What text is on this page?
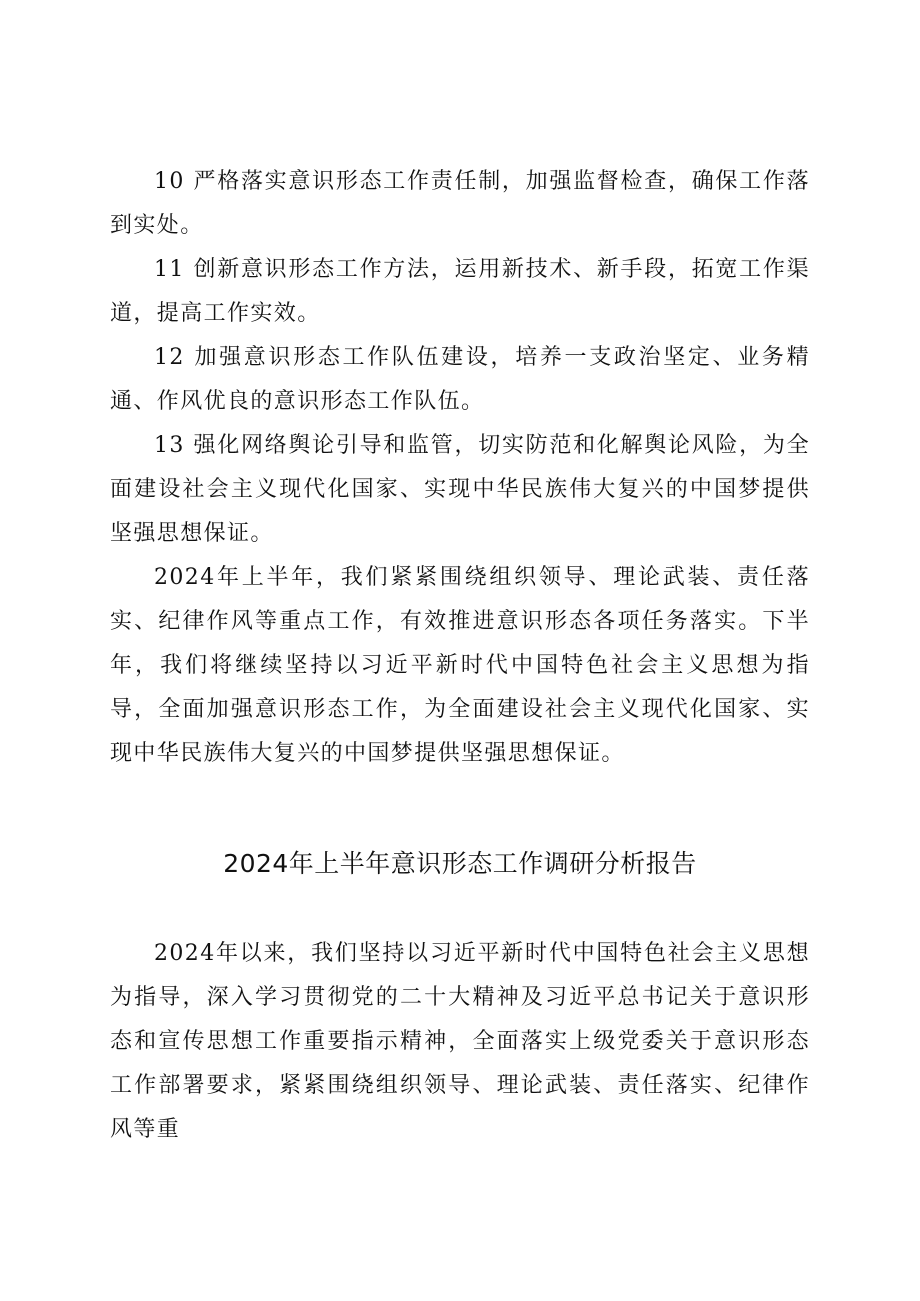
10 严格落实意识形态工作责任制，加强监督检查，确保工作落到实处。

11 创新意识形态工作方法，运用新技术、新手段，拓宽工作渠道，提高工作实效。

12 加强意识形态工作队伍建设，培养一支政治坚定、业务精通、作风优良的意识形态工作队伍。

13 强化网络舆论引导和监管，切实防范和化解舆论风险，为全面建设社会主义现代化国家、实现中华民族伟大复兴的中国梦提供坚强思想保证。

2024年上半年，我们紧紧围绕组织领导、理论武装、责任落实、纪律作风等重点工作，有效推进意识形态各项任务落实。下半年，我们将继续坚持以习近平新时代中国特色社会主义思想为指导，全面加强意识形态工作，为全面建设社会主义现代化国家、实现中华民族伟大复兴的中国梦提供坚强思想保证。

2024年上半年意识形态工作调研分析报告

2024年以来，我们坚持以习近平新时代中国特色社会主义思想为指导，深入学习贯彻党的二十大精神及习近平总书记关于意识形态和宣传思想工作重要指示精神，全面落实上级党委关于意识形态工作部署要求，紧紧围绕组织领导、理论武装、责任落实、纪律作风等重
